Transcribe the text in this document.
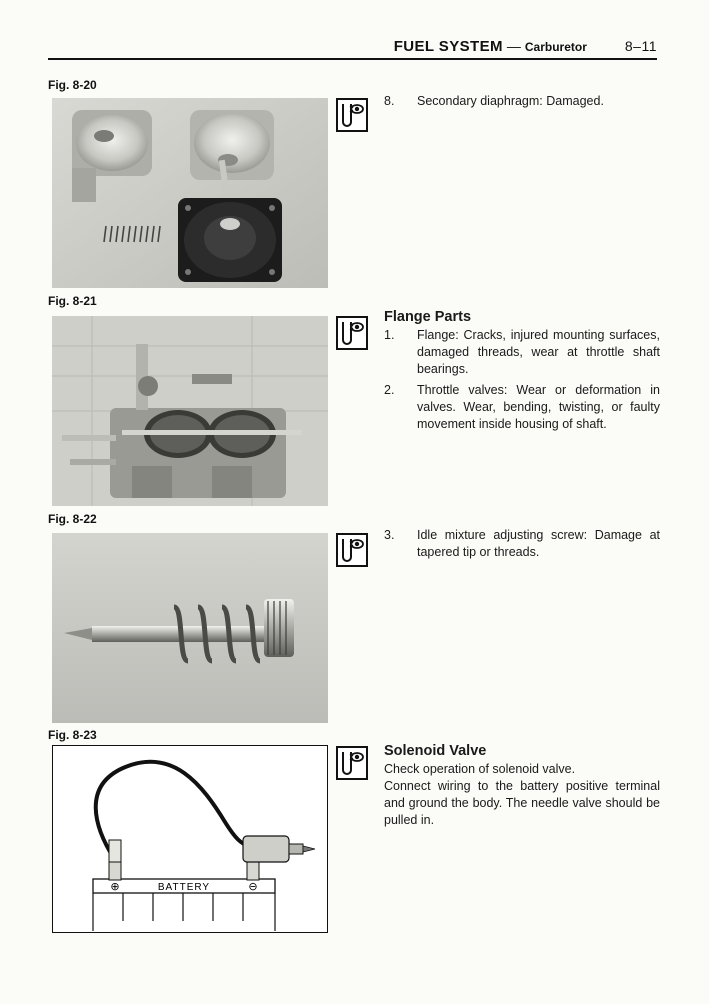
FUEL SYSTEM — Carburetor	8–11
Fig. 8-20
8.	Secondary diaphragm: Damaged.
Fig. 8-21
Flange Parts
1.	Flange: Cracks, injured mounting surfaces, damaged threads, wear at throttle shaft bearings.
2.	Throttle valves: Wear or deformation in valves. Wear, bending, twisting, or faulty movement inside housing of shaft.
Fig. 8-22
3.	Idle mixture adjusting screw: Damage at tapered tip or threads.
Fig. 8-23
⊕	⊖
BATTERY
Solenoid Valve
Check operation of solenoid valve.
Connect wiring to the battery positive terminal and ground the body. The needle valve should be pulled in.
